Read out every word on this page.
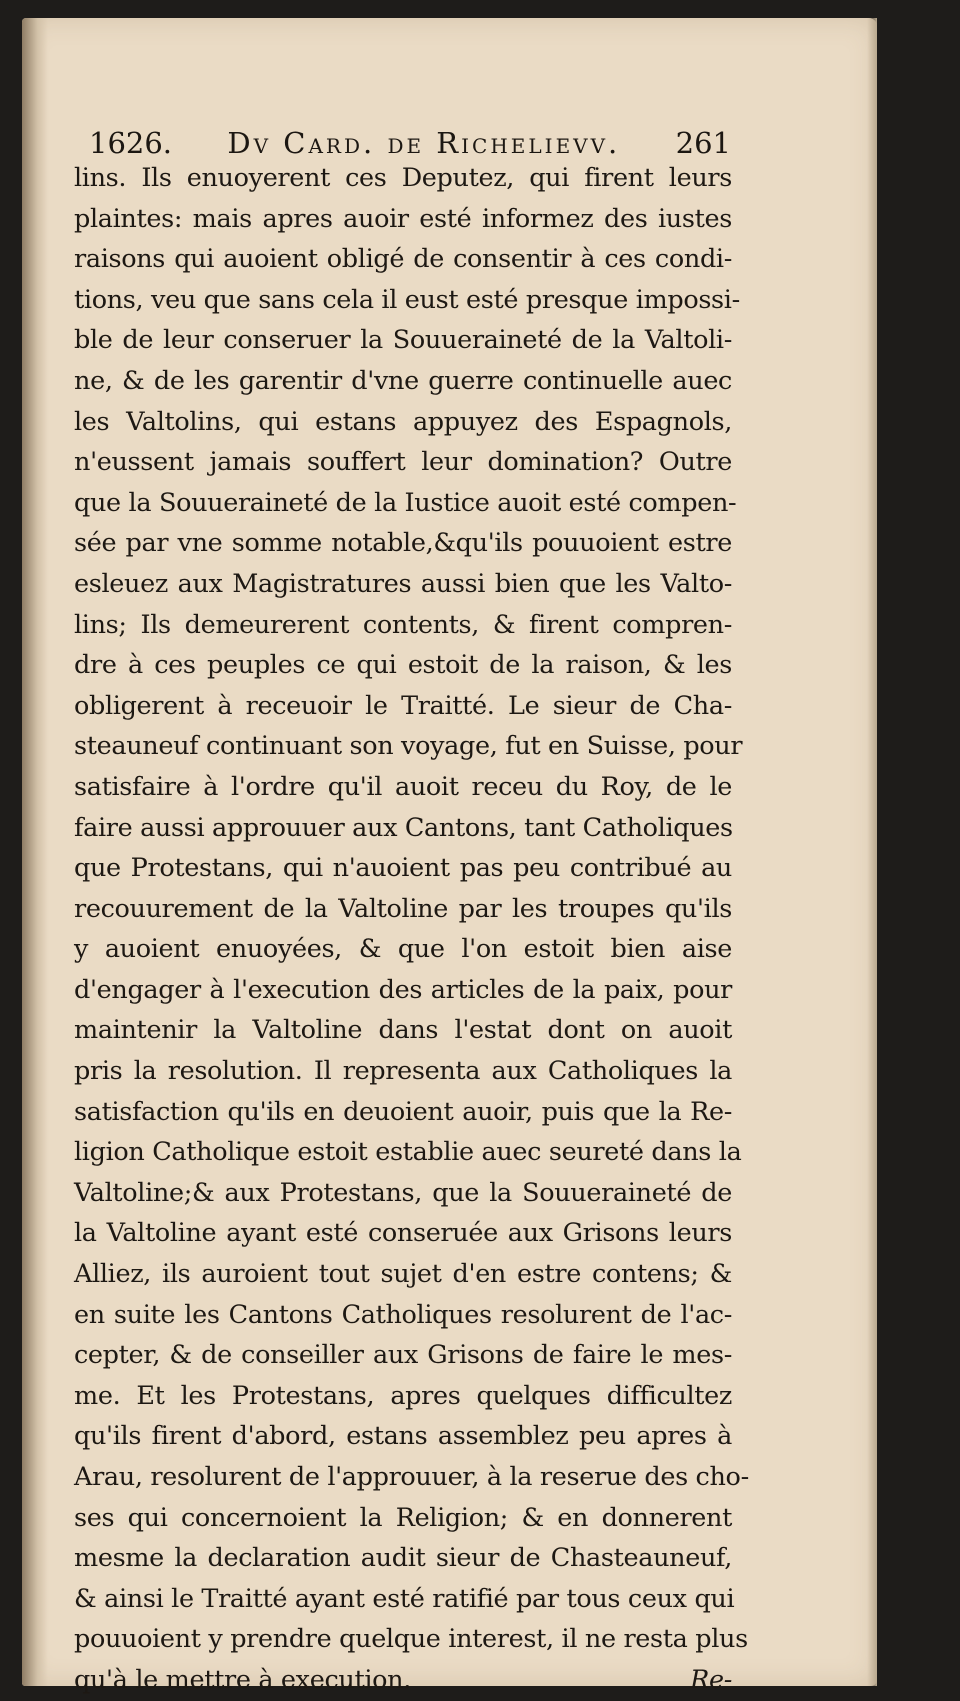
1626. Dv Card. de Richelievv. 261
lins. Ils enuoyerent ces Deputez, qui firent leurs
plaintes: mais apres auoir esté informez des iustes
raisons qui auoient obligé de consentir à ces condi-
tions, veu que sans cela il eust esté presque impossi-
ble de leur conseruer la Souueraineté de la Valtoli-
ne, & de les garentir d'vne guerre continuelle auec
les Valtolins, qui estans appuyez des Espagnols,
n'eussent jamais souffert leur domination? Outre
que la Souueraineté de la Iustice auoit esté compen-
sée par vne somme notable,&qu'ils pouuoient estre
esleuez aux Magistratures aussi bien que les Valto-
lins; Ils demeurerent contents, & firent compren-
dre à ces peuples ce qui estoit de la raison, & les
obligerent à receuoir le Traitté. Le sieur de Cha-
steauneuf continuant son voyage, fut en Suisse, pour
satisfaire à l'ordre qu'il auoit receu du Roy, de le
faire aussi approuuer aux Cantons, tant Catholiques
que Protestans, qui n'auoient pas peu contribué au
recouurement de la Valtoline par les troupes qu'ils
y auoient enuoyées, & que l'on estoit bien aise
d'engager à l'execution des articles de la paix, pour
maintenir la Valtoline dans l'estat dont on auoit
pris la resolution. Il representa aux Catholiques la
satisfaction qu'ils en deuoient auoir, puis que la Re-
ligion Catholique estoit establie auec seureté dans la
Valtoline;& aux Protestans, que la Souueraineté de
la Valtoline ayant esté conseruée aux Grisons leurs
Alliez, ils auroient tout sujet d'en estre contens; &
en suite les Cantons Catholiques resolurent de l'ac-
cepter, & de conseiller aux Grisons de faire le mes-
me. Et les Protestans, apres quelques difficultez
qu'ils firent d'abord, estans assemblez peu apres à
Arau, resolurent de l'approuuer, à la reserue des cho-
ses qui concernoient la Religion; & en donnerent
mesme la declaration audit sieur de Chasteauneuf,
& ainsi le Traitté ayant esté ratifié par tous ceux qui
pouuoient y prendre quelque interest, il ne resta plus
qu'à le mettre à execution.	Re-
